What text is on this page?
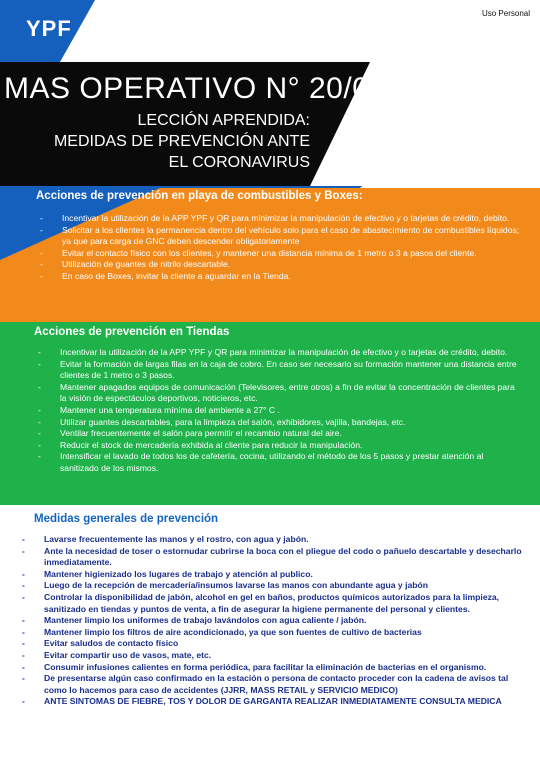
YPF
Uso Personal
MAS OPERATIVO N° 20/03
LECCIÓN APRENDIDA:
MEDIDAS DE PREVENCIÓN ANTE
EL CORONAVIRUS
Acciones de prevención en playa de combustibles y Boxes:
- Incentivar la utilización de la APP YPF y QR para minimizar la manipulación de efectivo y o tarjetas de crédito, debito.
- Solicitar a los clientes la permanencia dentro del vehículo solo para el caso de abastecimiento de combustibles líquidos; ya que para carga de GNC deben descender obligatoriamente
- Evitar el contacto físico con los clientes, y mantener una distancia mínima de 1 metro o 3 a pasos del cliente.
- Utilización de guantes de nitrilo descartable.
- En caso de Boxes, invitar la cliente a aguardar en la Tienda.
Acciones de prevención en Tiendas
- Incentivar la utilización de la APP YPF y QR para minimizar la manipulación de efectivo y o tarjetas de crédito, debito.
- Evitar la formación de largas filas en la caja de cobro. En caso ser necesario su formación mantener una distancia entre clientes de 1 metro o 3 pasos.
- Mantener apagados equipos de comunicación (Televisores, entre otros) a fin de evitar la concentración de clientes para la visión de espectáculos deportivos, noticieros, etc.
- Mantener una temperatura mínima del ambiente a 27° C .
- Utilizar guantes descartables, para la limpieza del salón, exhibidores, vajilla, bandejas, etc.
- Ventilar frecuentemente el salón para permitir el recambio natural del aire.
- Reducir el stock de mercadería exhibida al cliente para reducir la manipulación.
- Intensificar el lavado de todos los de cafetería, cocina, utilizando el método de los 5 pasos y prestar atención al sanitizado de los mismos.
Medidas generales de prevención
- Lavarse frecuentemente las manos y el rostro, con agua y jabón.
- Ante la necesidad de toser o estornudar cubrirse la boca con el pliegue del codo o pañuelo descartable y desecharlo inmediatamente.
- Mantener higienizado los lugares de trabajo y atención al publico.
- Luego de la recepción de mercadería/insumos lavarse las manos con abundante agua y jabón
- Controlar la disponibilidad de jabón, alcohol en gel en baños, productos químicos autorizados para la limpieza, sanitizado en tiendas y puntos de venta, a fin de asegurar la higiene permanente del personal y clientes.
- Mantener limpio los uniformes de trabajo lavándolos con agua caliente / jabón.
- Mantener limpio los filtros de aire acondicionado, ya que son fuentes de cultivo de bacterias
- Evitar saludos de contacto físico
- Evitar compartir uso de vasos, mate, etc.
- Consumir infusiones calientes en forma periódica, para facilitar la eliminación de bacterias en el organismo.
- De presentarse algún caso confirmado en la estación o persona de contacto proceder con la cadena de avisos tal como lo hacemos para caso de accidentes (JJRR, MASS RETAIL y SERVICIO MEDICO)
- ANTE SINTOMAS DE FIEBRE, TOS Y DOLOR DE GARGANTA REALIZAR INMEDIATAMENTE CONSULTA MEDICA
